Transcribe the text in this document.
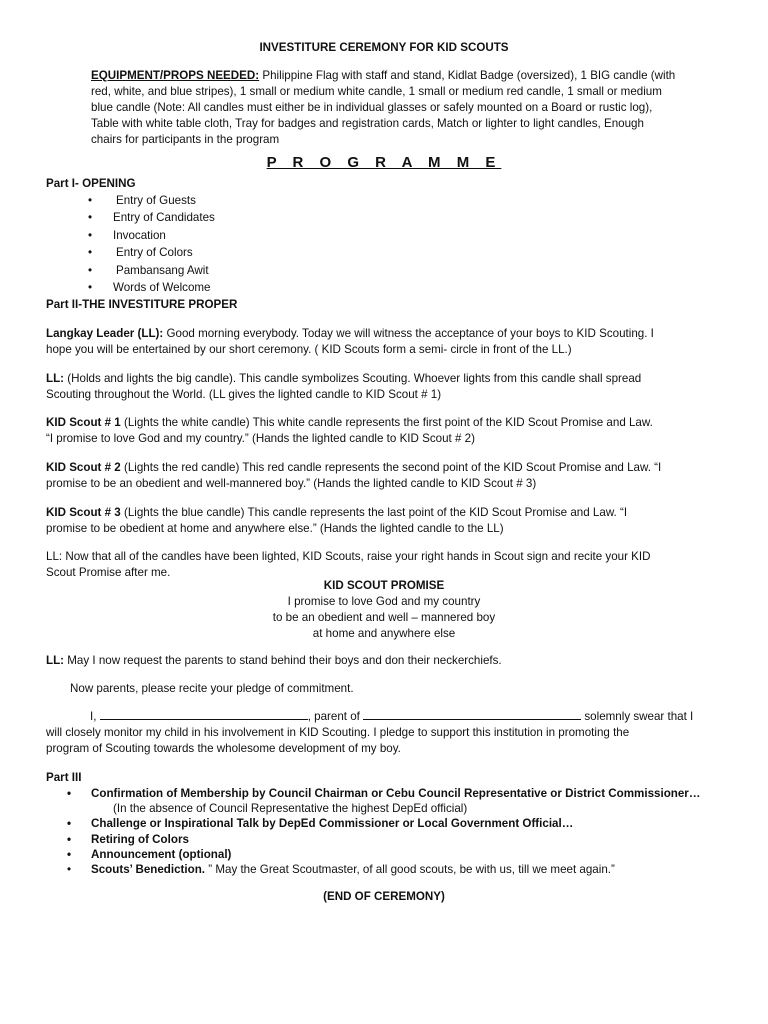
INVESTITURE CEREMONY FOR KID SCOUTS
EQUIPMENT/PROPS NEEDED: Philippine Flag with staff and stand, Kidlat Badge (oversized), 1 BIG candle (with
red, white, and blue stripes), 1 small or medium white candle, 1 small or medium red candle, 1 small or medium
blue candle (Note: All candles must either be in individual glasses or safely mounted on a Board or rustic log),
Table with white table cloth, Tray for badges and registration cards, Match or lighter to light candles, Enough
chairs for participants in the program
P R O G R A M M E
Part I- OPENING
• Entry of Guests
• Entry of Candidates
• Invocation
• Entry of Colors
• Pambansang Awit
• Words of Welcome
Part II-THE INVESTITURE PROPER
Langkay Leader (LL): Good morning everybody. Today we will witness the acceptance of your boys to KID Scouting. I
hope you will be entertained by our short ceremony. ( KID Scouts form a semi- circle in front of the LL.)
LL: (Holds and lights the big candle). This candle symbolizes Scouting. Whoever lights from this candle shall spread
Scouting throughout the World. (LL gives the lighted candle to KID Scout # 1)
KID Scout # 1 (Lights the white candle) This white candle represents the first point of the KID Scout Promise and Law.
“I promise to love God and my country.” (Hands the lighted candle to KID Scout # 2)
KID Scout # 2 (Lights the red candle) This red candle represents the second point of the KID Scout Promise and Law. “I
promise to be an obedient and well-mannered boy.” (Hands the lighted candle to KID Scout # 3)
KID Scout # 3 (Lights the blue candle) This candle represents the last point of the KID Scout Promise and Law. “I
promise to be obedient at home and anywhere else.” (Hands the lighted candle to the LL)
LL: Now that all of the candles have been lighted, KID Scouts, raise your right hands in Scout sign and recite your KID
Scout Promise after me.
KID SCOUT PROMISE
I promise to love God and my country
to be an obedient and well – mannered boy
at home and anywhere else
LL: May I now request the parents to stand behind their boys and don their neckerchiefs.
Now parents, please recite your pledge of commitment.
I,	, parent of	solemnly swear that I
will closely monitor my child in his involvement in KID Scouting. I pledge to support this institution in promoting the
program of Scouting towards the wholesome development of my boy.
Part III
• Confirmation of Membership by Council Chairman or Cebu Council Representative or District Commissioner…
(In the absence of Council Representative the highest DepEd official)
• Challenge or Inspirational Talk by DepEd Commissioner or Local Government Official…
• Retiring of Colors
• Announcement (optional)
• Scouts’ Benediction. ” May the Great Scoutmaster, of all good scouts, be with us, till we meet again.”
(END OF CEREMONY)
